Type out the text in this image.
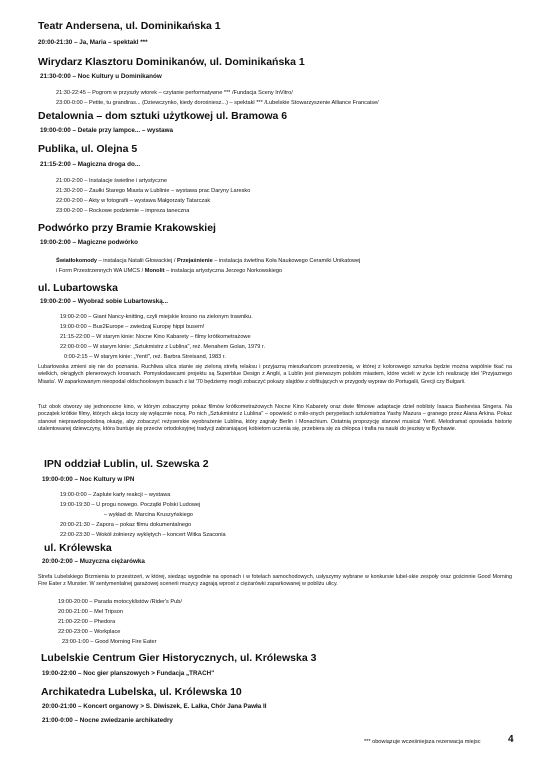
Teatr Andersena, ul. Dominikańska 1
20:00-21:30 – Ja, Maria – spektakl ***
Wirydarz Klasztoru Dominikanów, ul. Dominikańska 1
21:30-0:00 – Noc Kultury u Dominikanów
21:30-22:45 – Pogrom w przyszły wtorek – czytanie performatywne *** /Fundacja Sceny InVitro/
23:00-0:00 – Petite, tu grandiras... (Dziewczynko, kiedy dorośniesz...) – spektakl *** /Lubelskie Stowarzyszenie Alliance Francaise/
Detalownia – dom sztuki użytkowej ul. Bramowa 6
19:00-0:00 – Detale przy lampce... – wystawa
Publika, ul. Olejna 5
21:15-2:00 – Magiczna droga do...
21:00-2:00 – Instalacje świetlne i artystyczne
21:30-2:00 – Zaułki Starego Miasta w Lublinie – wystawa prac Daryny Laresko
22:00-2:00 – Akty w fotografii – wystawa Małgorzaty Tatarczak
23:00-2:00 – Rockowe podziemie – impreza taneczna
Podwórko przy Bramie Krakowskiej
19:00-2:00 – Magiczne podwórko
Światłokomody – instalacja Natalii Głowackiej / Przejaśnienie – instalacja świetlna Koła Naukowego Ceramiki Unikatowej
i Form Przestrzennych WA UMCS / Monolit – instalacja artystyczna Jerzego Norkowskiego
ul. Lubartowska
19:00-2:00 – Wyobraź sobie Lubartowską...
19:00-2:00 – Giant Nancy-knitting, czyli miejskie krosno na zielonym trawniku.
19:00-0:00 – Bus2Europe – zwiedzaj Europę hippi busem!
21:15-22:00 – W starym kinie: Nocne Kino Kabarety – filmy krótkometrażowe
22:00-0:00 – W starym kinie: „Sztukmistrz z Lublina", reż. Menahem Golan, 1979 r.
0:00-2:15 – W starym kinie: „Yentl", reż. Barbra Streisand, 1983 r.
Lubartowska zmieni się nie do poznania. Ruchliwa ulica stanie się zieloną strefą relaksu i przyjazną mieszkańcom przestrzenią, w której z kolorowego sznurka będzie można wspólnie tkać na wielkich, okrągłych plenerowych krosnach. Pomysłodawcami projektu są Superblue Design z Anglii, a Lublin jest pierwszym polskim miastem, które wcieli w życie ich realizację idei 'Przyjaznego Miasta'. W zaparkowanym nieopodal oldschoolowym busach z lat '70 będziemy mogli zobaczyć pokazy slajdów z obfitujących w przygody wypraw do Portugalii, Grecji czy Bułgarii.
Tuż obok otworzy się jednonocne kino, w którym zobaczymy pokaz filmów krótkometrażowych Nocne Kino Kabarety oraz dwie filmowe adaptacje dzieł noblisty Isaaca Bashevisa Singera. Na początek krótkie filmy, których akcja toczy się wyłącznie nocą. Po nich „Sztukmistrz z Lublina" – opowieść o milo-snych perypetiach sztukmistrza Yashy Mazura – granego przez Alana Arkina. Pokaz stanowi nieprawdopodobną okazję, aby zobaczyć reżyserskie wyobrażenie Lublina, który zagrały Berlin i Monachium. Ostatnią propozycję stanowi musical Yentl. Melodramat opowiada historię utalentowanej dziewczyny, która buntuje się przeciw ortodoksyjnej tradycji zabraniającej kobietom uczenia się, przebiera się za chłopca i trafia na nauki do jesziwy w Bychawie.
IPN oddział Lublin, ul. Szewska 2
19:00-0:00 – Noc Kultury w IPN
19:00-0:00 – Zaplute karły reakcji – wystawa
19:00-19:30 – U progu nowego. Początki Polski Ludowej
– wykład dr. Marcina Kruszyńskiego
20:00-21:30 – Zapora – pokaz filmu dokumentalnego
22:00-23:30 – Wokół żołnierzy wyklętych – koncert Witka Szaconia
ul. Królewska
20:00-2:00 – Muzyczna ciężarówka
Strefa Lubelskiego Brzmienia to przestrzeń, w której, siedząc wygodnie na oponach i w fotelach samochodowych, usłyszymy wybrane w konkursie lubel-skie zespoły oraz gościnnie Good Morning Fire Eater z Munster. W sentymentalnej garażowej scenerii muzycy zagrają wprost z ciężarówki zaparkowanej w pobliżu ulicy.
19:00-20:00 – Parada motocyklistów /Rider's Pub/
20:00-21:00 – Mel Tripson
21:00-22:00 – Phedora
22:00-23:00 – Workplace
23:00-1:00 – Good Morning Fire Eater
Lubelskie Centrum Gier Historycznych, ul. Królewska 3
19:00-22:00 – Noc gier planszowych > Fundacja „TRACH"
Archikatedra Lubelska, ul. Królewska 10
20:00-21:00 – Koncert organowy > S. Diwiszek, E. Lalka, Chór Jana Pawła II
21:00-0:00 – Nocne zwiedzanie archikatedry
*** obowiązuje wcześniejsza rezerwacja miejsc	4
